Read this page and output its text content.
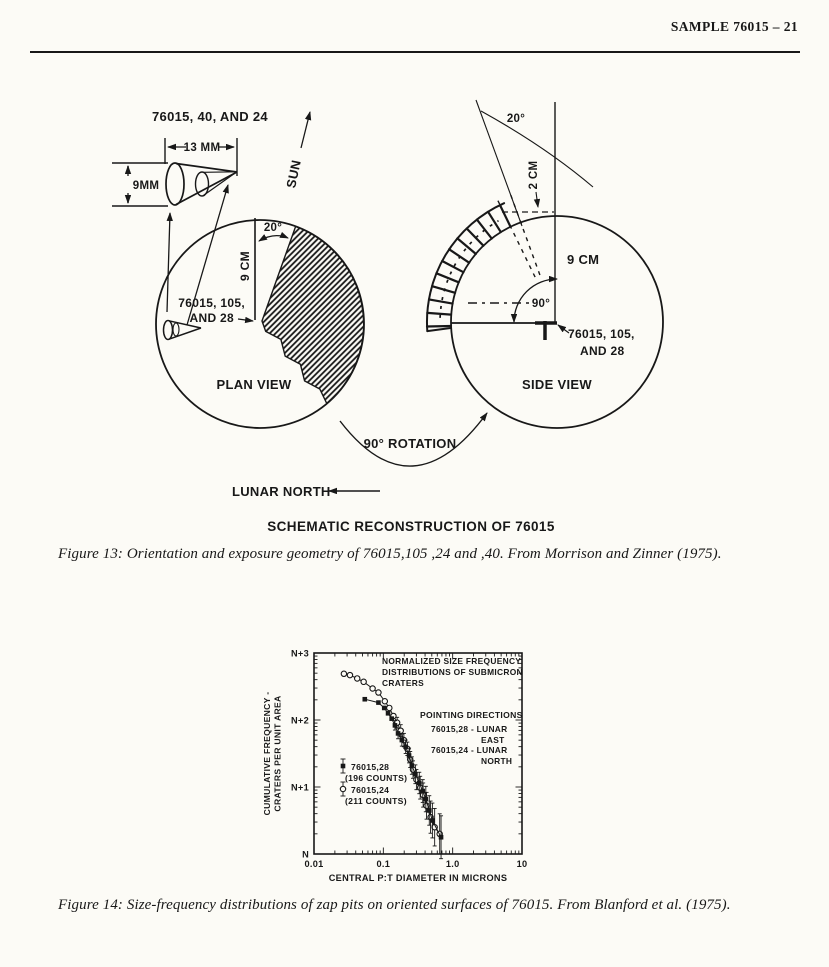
SAMPLE 76015 – 21
76015, 40, AND 24
13 MM
9MM	SUN
9 CM
20°
76015, 105,
AND 28
PLAN VIEW
20°
2 CM
90°
9 CM
76015, 105,
AND 28
SIDE VIEW
90° ROTATION
LUNAR NORTH
SCHEMATIC RECONSTRUCTION OF 76015
Figure 13: Orientation and exposure geometry of 76015,105 ,24 and ,40. From Morrison and Zinner (1975).
0.01	0.1	1.0	10
N
N+1
N+2
N+3
CENTRAL P:T DIAMETER IN MICRONS
CUMULATIVE FREQUENCY - CRATERS PER UNIT AREA
NORMALIZED SIZE FREQUENCY
DISTRIBUTIONS OF SUBMICRON
CRATERS
POINTING DIRECTIONS
76015,28 - LUNAR
EAST
76015,24 - LUNAR
NORTH
76015,28
(196 COUNTS)
76015,24
(211 COUNTS)
Figure 14: Size-frequency distributions of zap pits on oriented surfaces of 76015. From Blanford et al. (1975).
